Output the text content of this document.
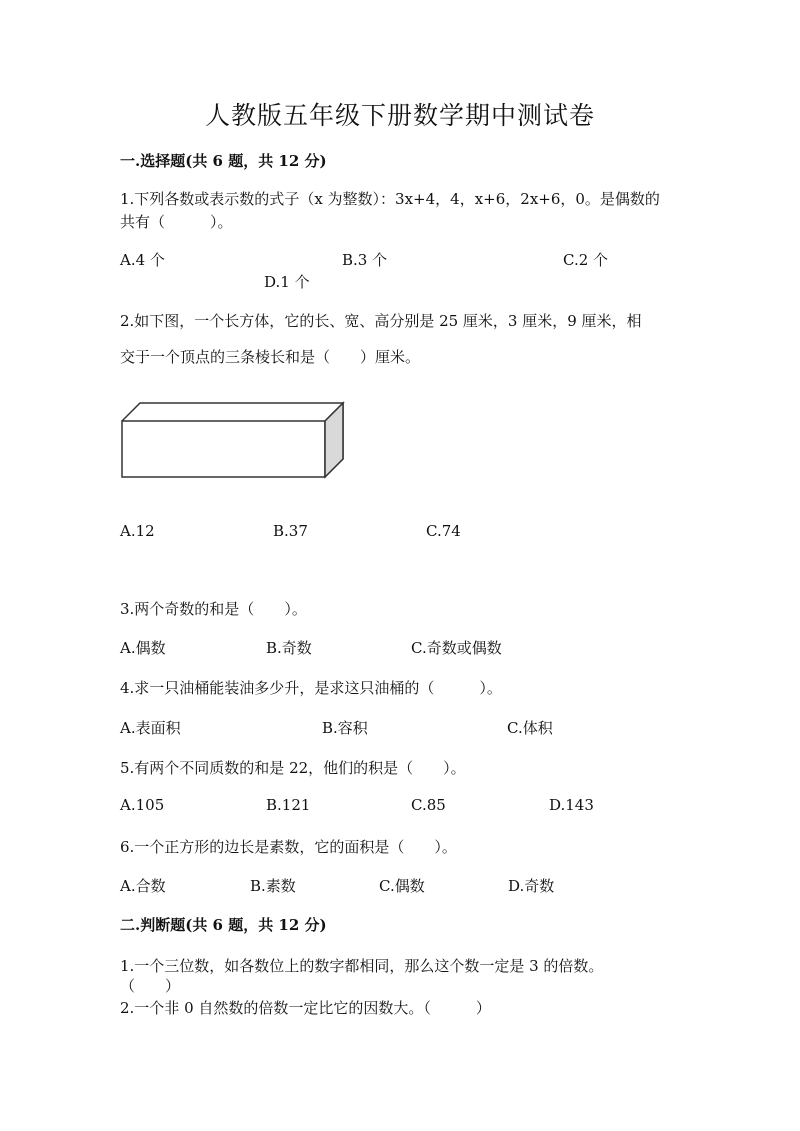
人教版五年级下册数学期中测试卷
一.选择题(共 6 题，共 12 分)
1.下列各数或表示数的式子（x 为整数）：3x+4，4，x+6，2x+6，0。是偶数的
共有（　　　）。
A.4 个	B.3 个	C.2 个
D.1 个
2.如下图，一个长方体，它的长、宽、高分别是 25 厘米，3 厘米，9 厘米，相
交于一个顶点的三条棱长和是（　　）厘米。
A.12	B.37	C.74
3.两个奇数的和是（　　）。
A.偶数	B.奇数	C.奇数或偶数
4.求一只油桶能装油多少升，是求这只油桶的（　　　）。
A.表面积	B.容积	C.体积
5.有两个不同质数的和是 22，他们的积是（　　）。
A.105	B.121	C.85	D.143
6.一个正方形的边长是素数，它的面积是（　　）。
A.合数	B.素数	C.偶数	D.奇数
二.判断题(共 6 题，共 12 分)
1.一个三位数，如各数位上的数字都相同，那么这个数一定是 3 的倍数。
（　　）
2.一个非 0 自然数的倍数一定比它的因数大。（　　　）
